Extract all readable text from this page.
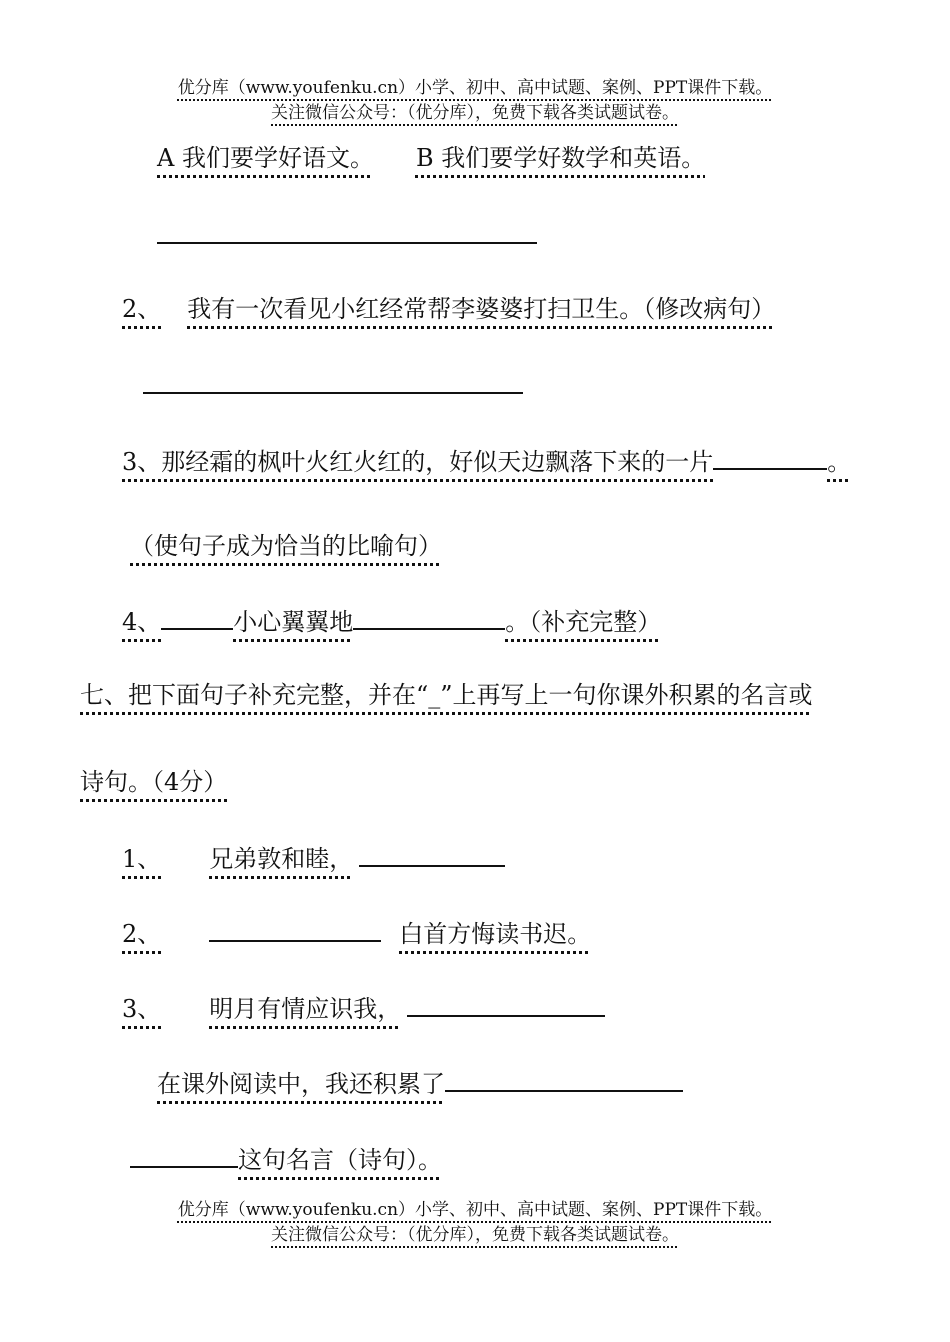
优分库（www.youfenku.cn）小学、初中、高中试题、案例、PPT课件下载。
关注微信公众号：（优分库），免费下载各类试题试卷。
A 我们要学好语文。 B 我们要学好数学和英语。
2、 我有一次看见小红经常帮李婆婆打扫卫生。（修改病句）
3、那经霜的枫叶火红火红的，好似天边飘落下来的一片	。
（使句子成为恰当的比喻句）
4、	小心翼翼地	。（补充完整）
七、把下面句子补充完整，并在“_”上再写上一句你课外积累的名言或
诗句。（4分）
1、 兄弟敦和睦，
2、	白首方悔读书迟。
3、 明月有情应识我，
在课外阅读中，我还积累了
这句名言（诗句）。
优分库（www.youfenku.cn）小学、初中、高中试题、案例、PPT课件下载。
关注微信公众号：（优分库），免费下载各类试题试卷。
